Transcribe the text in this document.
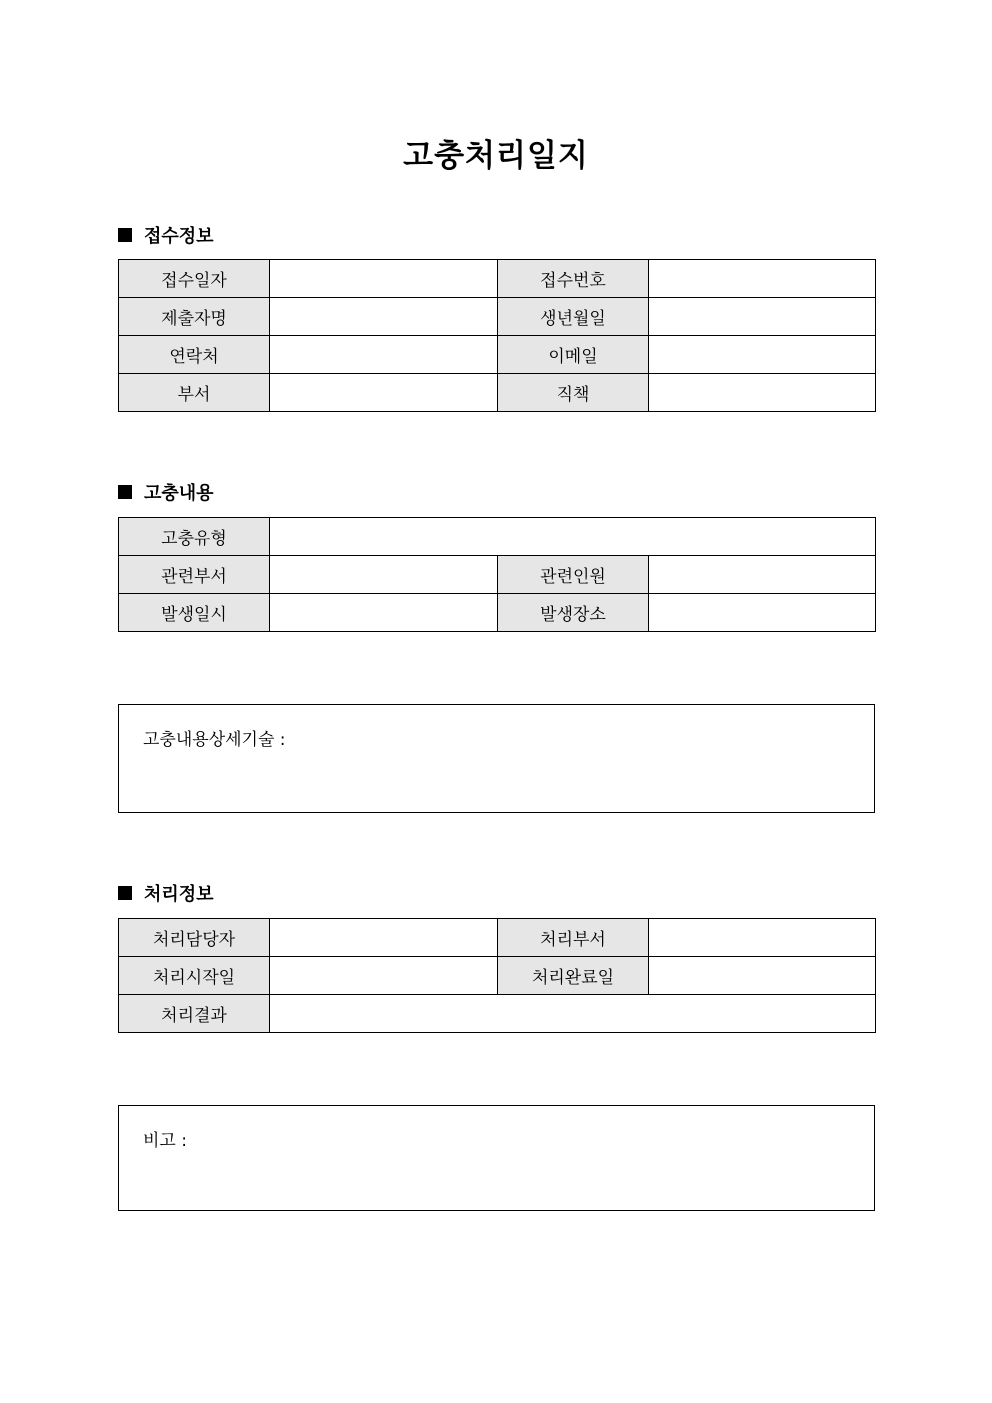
고충처리일지
접수정보
접수일자		접수번호	
제출자명		생년월일	
연락처		이메일	
부서		직책	
고충내용
고충유형			
관련부서		관련인원	
발생일시		발생장소	
고충내용상세기술 :
처리정보
처리담당자		처리부서	
처리시작일		처리완료일	
처리결과			
비고 :
